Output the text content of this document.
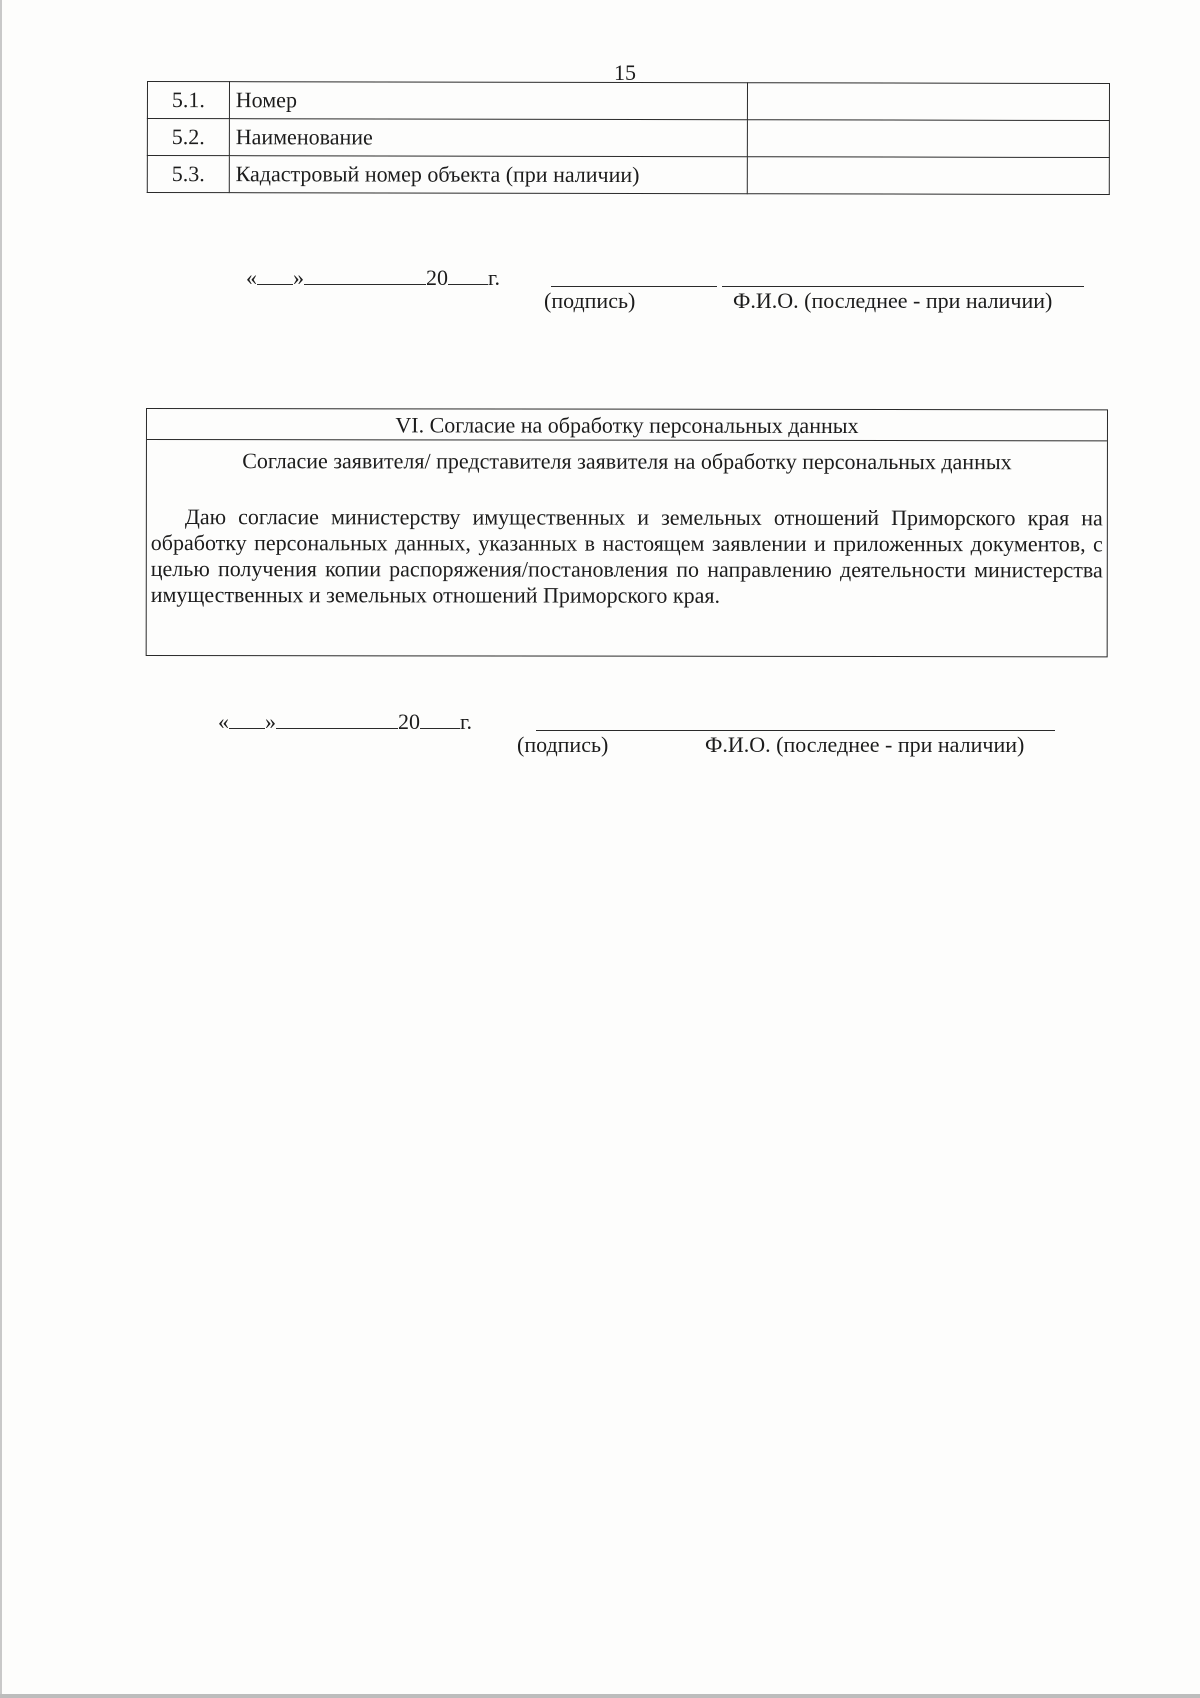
15
5.1.	Номер	
5.2.	Наименование	
5.3.	Кадастровый номер объекта (при наличии)	
« »	20 г.
(подпись)	Ф.И.О. (последнее - при наличии)
VI. Согласие на обработку персональных данных
Согласие заявителя/ представителя заявителя на обработку персональных данных
Даю согласие министерству имущественных и земельных отношений Приморского края на обработку персональных данных, указанных в настоящем заявлении и приложенных документов, с целью получения копии распоряжения/постановления по направлению деятельности министерства имущественных и земельных отношений Приморского края.
« »	20 г.
(подпись)	Ф.И.О. (последнее - при наличии)
